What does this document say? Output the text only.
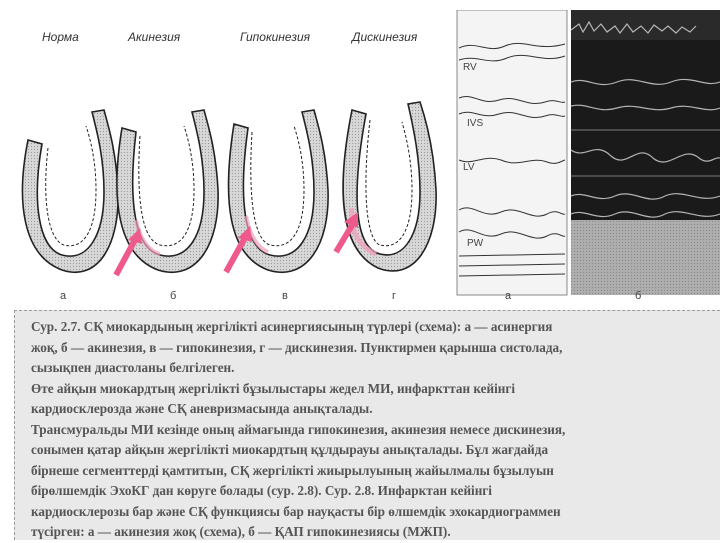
Норма	Акинезия	Гипокинезия	Дискинезия
а	б	в	г
RV
IVS
LV
PW
а	б

Сур. 2.7. СҚ миокардының жергілікті асинергиясының түрлері (схема): а — асинергия

жоқ, б — акинезия, в — гипокинезия, г — дискинезия. Пунктирмен қарынша систолада,

сызықпен диастоланы белгілеген.

Өте айқын миокардтың жергілікті бұзылыстары жедел МИ, инфаркттан кейінгі

кардиосклерозда және СҚ аневризмасында анықталады.

Трансмуральды МИ кезінде оның аймағында гипокинезия, акинезия немесе дискинезия,

сонымен қатар айқын жергілікті миокардтың құлдырауы анықталады. Бұл жағдайда

бірнеше сегменттерді қамтитын, СҚ жергілікті жиырылуының жайылмалы бұзылуын

бірөлшемдік ЭхоКГ дан көруге болады (сур. 2.8). Сур. 2.8. Инфарктан кейінгі

кардиосклерозы бар және СҚ функциясы бар науқасты бір өлшемдік эхокардиограммен

түсірген: а — акинезия жоқ (схема), б — ҚАП гипокинезиясы (МЖП).
